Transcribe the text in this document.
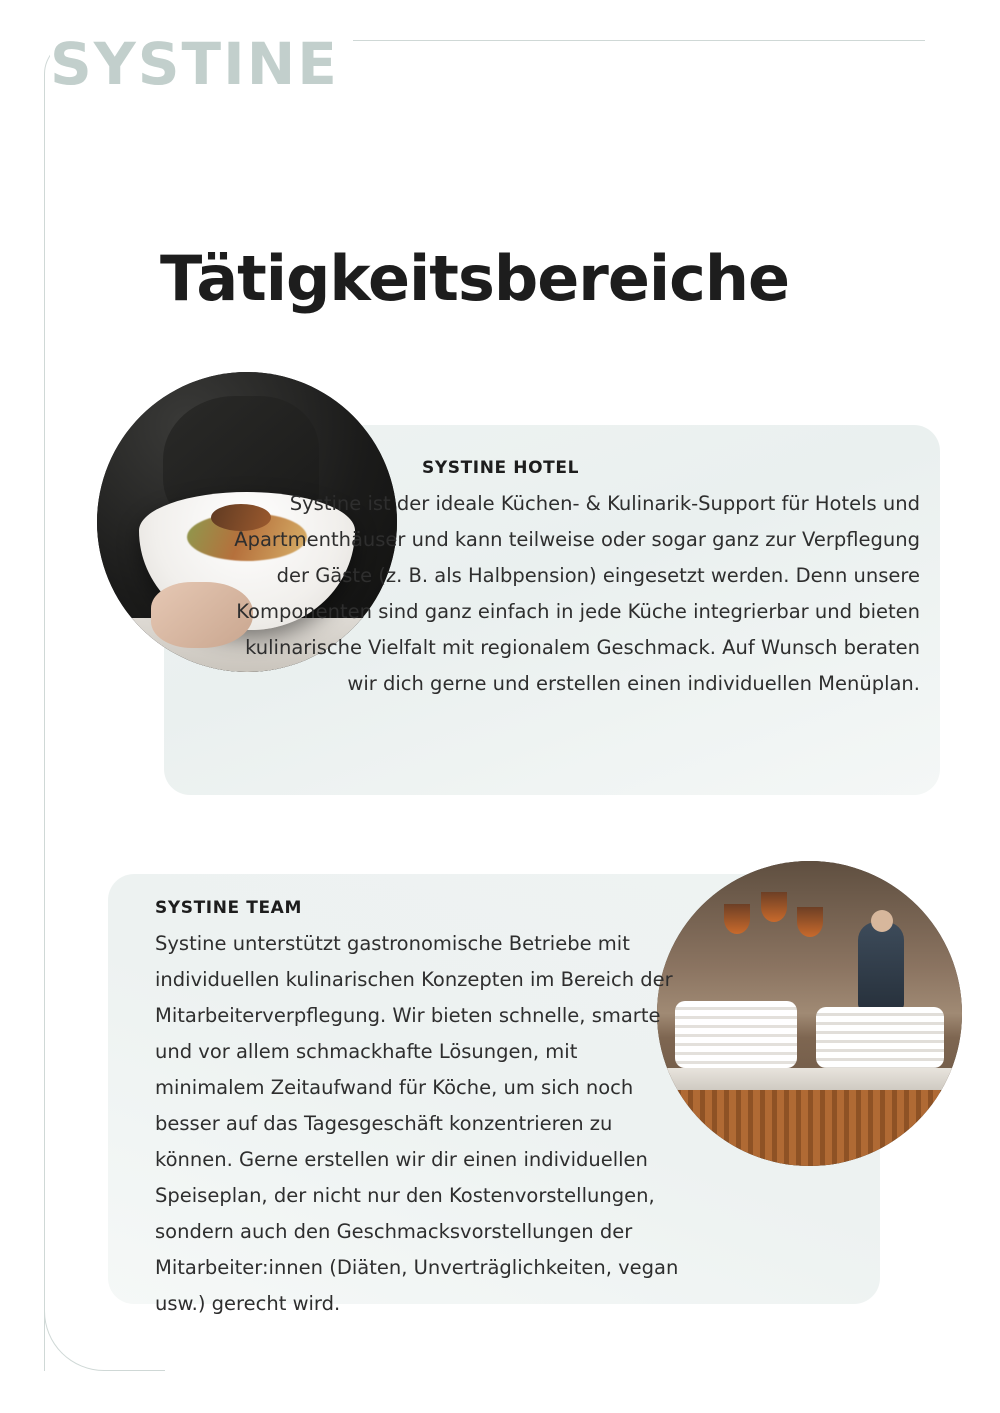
SYSTINE
Tätigkeitsbereiche
SYSTINE HOTEL
Systine ist der ideale Küchen- & Kulinarik-Support für Hotels und Apartmenthäuser und kann teilweise oder sogar ganz zur Verpflegung der Gäste (z. B. als Halbpension) eingesetzt werden. Denn unsere Komponenten sind ganz einfach in jede Küche integrierbar und bieten kulinarische Vielfalt mit regionalem Geschmack. Auf Wunsch beraten wir dich gerne und erstellen einen individuellen Menüplan.
SYSTINE TEAM
Systine unterstützt gastronomische Betriebe mit individuellen kulinarischen Konzepten im Bereich der Mitarbeiterverpflegung. Wir bieten schnelle, smarte und vor allem schmackhafte Lösungen, mit minimalem Zeitaufwand für Köche, um sich noch besser auf das Tagesgeschäft konzentrieren zu können. Gerne erstellen wir dir einen individuellen Speiseplan, der nicht nur den Kostenvorstellungen, sondern auch den Geschmacksvorstellungen der Mitarbeiter:innen (Diäten, Unverträglichkeiten, vegan usw.) gerecht wird.
